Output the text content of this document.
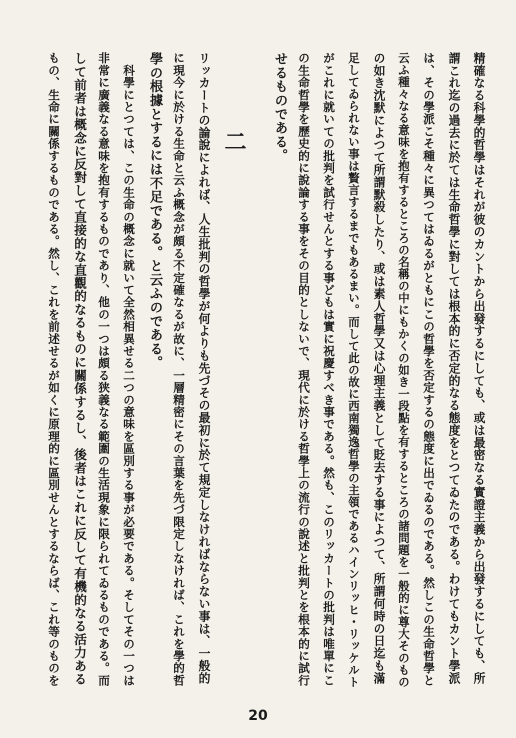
精確なる科學的哲學はそれが彼のカントから出發するにしても、或は最密なる實證主義から出發するにしても、所
謂これ迄の過去に於ては生命哲學に對しては根本的に否定的なる態度をとつてゐたのである。わけてもカント學派
は、その學派こそ種々に異つてはゐるがともにこの哲學を否定するの態度に出でゐるのである。然しこの生命哲學と
云ふ種々なる意味を抱有するところの名稱の中にもかくの如き一段點を有するところの諸問題を一般的に尊大そのもの
の如き沈默によつて所謂默殺したり、或は素人哲學又は心理主義として貶去する事によつて、所謂何時の日迄も滿
足してゐられない事は贅言するまでもあるまい。而して此の故に西南獨逸哲學の主領であるハインリッヒ・リッケルト
がこれに就いての批判を試行せんとする事どもは實に祝慶すべき事である。然も、このリッカートの批判は唯單にこ
の生命哲學を歷史的に說論する事をその目的としないで、現代に於ける哲學上の流行の說述と批判とを根本的に試行
せるものである。
二
リッカートの論說によれば、人生批判の哲學が何よりも先づその最初に於て規定しなければならない事は、一般的
に現今に於ける生命と云ふ概念が頗る不定確なるが故に、一層精密にその言葉を先づ限定しなければ、これを學的哲
學の根據とするには不足である。と云ふのである。
　科學にとつては、この生命の概念に就いて全然相異せる二つの意味を區別する事が必要である。そしてその一つは
非常に廣義なる意味を抱有するものであり、他の一つは頗る狭義なる範圍の生活現象に限られてゐるものである。而
して前者は概念に反對して直接的な直觀的なるものに關係するし、後者はこれに反して有機的なる活力ある
もの、生命に關係するものである。然し、これを前述せるが如くに原理的に區別せんとするならば、これ等のものを
20
